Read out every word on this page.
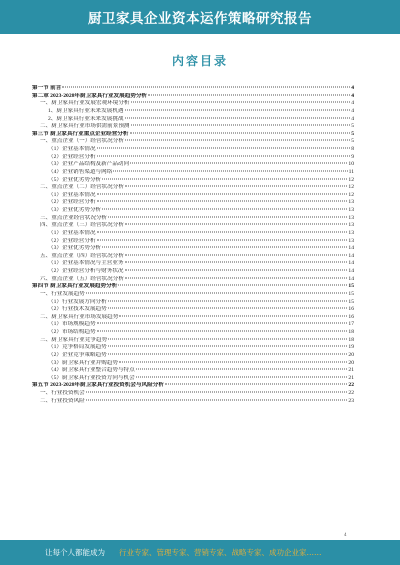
厨卫家具企业资本运作策略研究报告
内容目录
第一节 前言	4
第二章 2023-2028年厨卫家具行业发展趋势分析	4
一、厨卫家具行业发展宏观环境分析	4
1、厨卫家具行业未来发展机遇	4
2、厨卫家具行业未来发展挑战	4
二、厨卫家具行业市场供需前景预测	5
第三节 厨卫家具行业重点企业经营分析	5
一、重点企业（一）经营状况分析	5
（1）企业基本情况	8
（2）企业经营分析	9
（3）企业产品结构及新产品动向	10
（4）企业销售渠道与网络	11
（5）企业优劣势分析	12
二、重点企业（二）经营状况分析	12
（1）企业基本情况	12
（2）企业经营分析	13
（3）企业优劣势分析	13
三、重点企业经营状况分析	13
四、重点企业（三）经营状况分析	13
（1）企业基本情况	13
（2）企业经营分析	13
（3）企业优劣势分析	14
五、重点企业（四）经营状况分析	14
（1）企业基本情况与主营业务	14
（2）企业经营分析与财务状况	14
六、重点企业（五）经营状况分析	14
第四节 厨卫家具行业发展趋势分析	15
一、行业发展趋势	15
（1）行业发展方向分析	15
（2）行业技术发展趋势	16
二、厨卫家具行业市场发展趋势	16
（1）市场规模趋势	17
（2）市场结构趋势	18
三、厨卫家具行业竞争趋势	18
（1）竞争格局发展趋势	19
（2）企业竞争策略趋势	20
（3）厨卫家具行业并购趋势	20
（4）厨卫家具行业整合趋势与特点	21
（5）厨卫家具行业投资方向与机会	21
第五节 2023-2028年厨卫家具行业投资机会与风险分析	22
一、行业投资机会	22
二、行业投资风险	23
4
让每个人都能成为	行业专家、管理专家、营销专家、战略专家、成功企业家……
